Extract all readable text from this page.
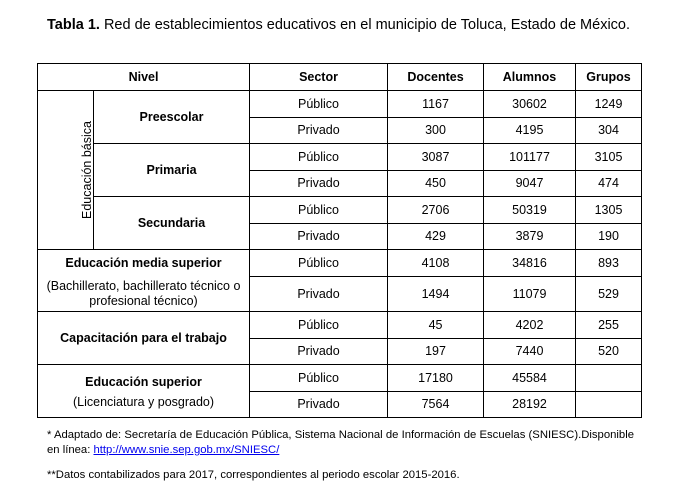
Tabla 1. Red de establecimientos educativos en el municipio de Toluca, Estado de México.
Nivel		Sector	Docentes	Alumnos	Grupos
Educación básica	Preescolar	Público	1167	30602	1249
		Privado	300	4195	304
	Primaria	Público	3087	101177	3105
		Privado	450	9047	474
	Secundaria	Público	2706	50319	1305
		Privado	429	3879	190
Educación media superior		Público	4108	34816	893

(Bachillerato, bachillerato técnico o profesional técnico)		Privado	1494	11079	529
Capacitación para el trabajo		Público	45	4202	255
		Privado	197	7440	520

Educación superior
(Licenciatura y posgrado)		Público	17180	45584	
		Privado	7564	28192	
* Adaptado de: Secretaría de Educación Pública, Sistema Nacional de Información de Escuelas (SNIESC).Disponible en línea: http://www.snie.sep.gob.mx/SNIESC/
**Datos contabilizados para 2017, correspondientes al periodo escolar 2015-2016.
